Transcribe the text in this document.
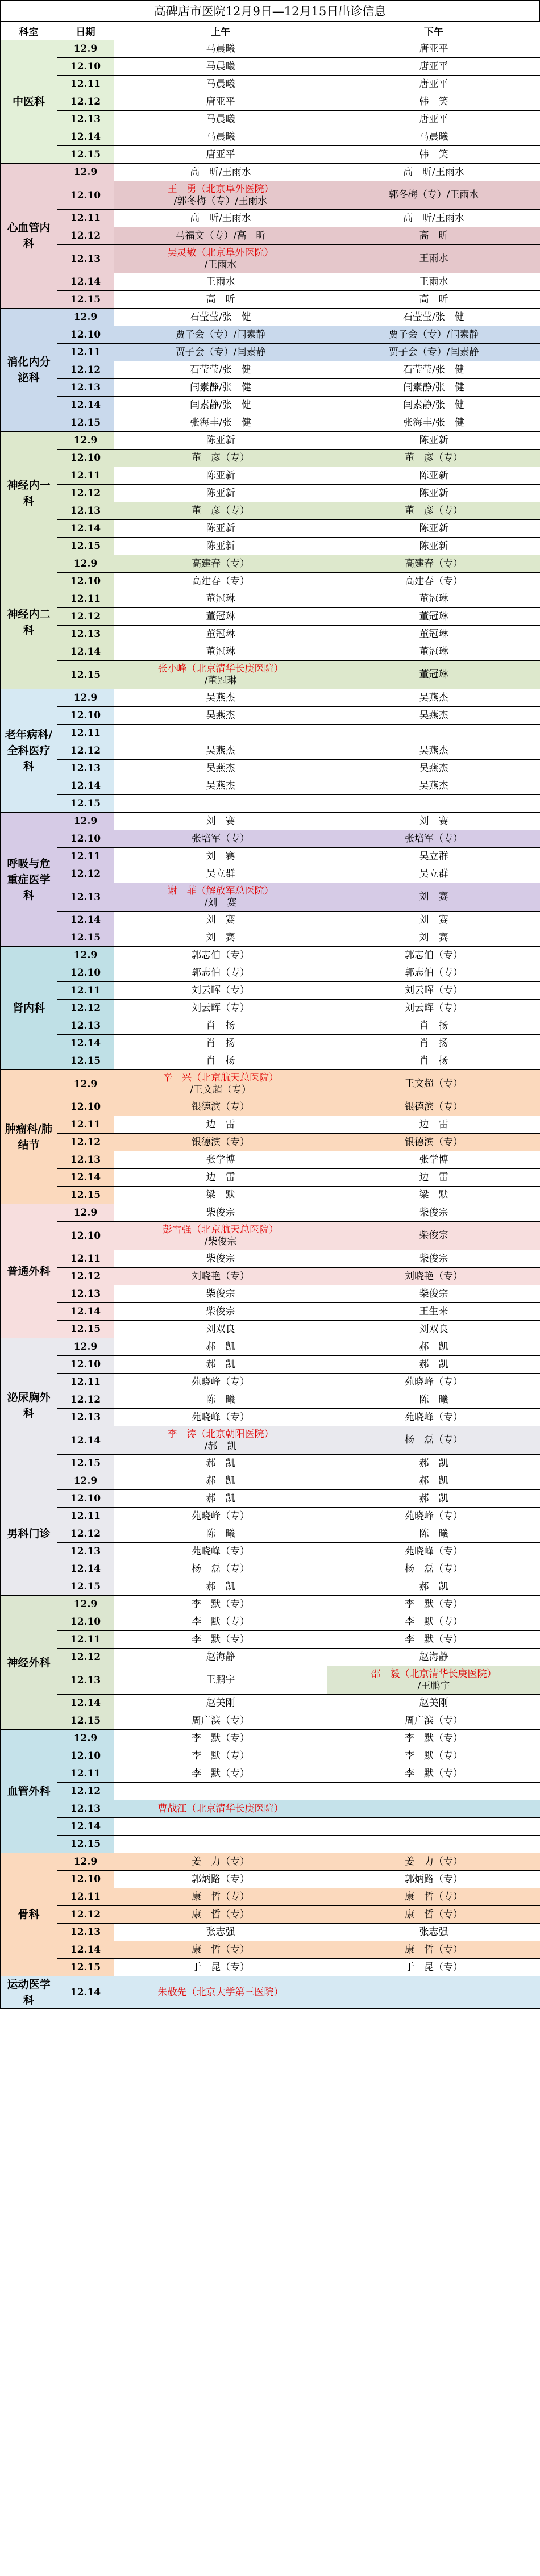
高碑店市医院12月9日—12月15日出诊信息
科室	日期	上午	下午
中医科	12.9	马晨曦	唐亚平

	12.10	马晨曦	唐亚平

	12.11	马晨曦	唐亚平

	12.12	唐亚平	韩　笑

	12.13	马晨曦	唐亚平

	12.14	马晨曦	马晨曦

	12.15	唐亚平	韩　笑

心血管内科	12.9	高　昕/王雨水	高　昕/王雨水

	12.10	王　勇（北京阜外医院）
/郭冬梅（专）/王雨水	郭冬梅（专）/王雨水

	12.11	高　昕/王雨水	高　昕/王雨水

	12.12	马福文（专）/高　昕	高　昕

	12.13	吴灵敏（北京阜外医院）
/王雨水	王雨水

	12.14	王雨水	王雨水

	12.15	高　昕	高　昕

消化内分泌科	12.9	石莹莹/张　健	石莹莹/张　健

	12.10	贾子会（专）/闫素静	贾子会（专）/闫素静

	12.11	贾子会（专）/闫素静	贾子会（专）/闫素静

	12.12	石莹莹/张　健	石莹莹/张　健

	12.13	闫素静/张　健	闫素静/张　健

	12.14	闫素静/张　健	闫素静/张　健

	12.15	张海丰/张　健	张海丰/张　健

神经内一科	12.9	陈亚新	陈亚新

	12.10	董　彦（专）	董　彦（专）

	12.11	陈亚新	陈亚新

	12.12	陈亚新	陈亚新

	12.13	董　彦（专）	董　彦（专）

	12.14	陈亚新	陈亚新

	12.15	陈亚新	陈亚新

神经内二科	12.9	高建春（专）	高建春（专）

	12.10	高建春（专）	高建春（专）

	12.11	董冠琳	董冠琳

	12.12	董冠琳	董冠琳

	12.13	董冠琳	董冠琳

	12.14	董冠琳	董冠琳

	12.15	张小峰（北京清华长庚医院）
/董冠琳	董冠琳

老年病科/全科医疗科	12.9	吴燕杰	吴燕杰

	12.10	吴燕杰	吴燕杰

	12.11	

	12.12	吴燕杰	吴燕杰

	12.13	吴燕杰	吴燕杰

	12.14	吴燕杰	吴燕杰

	12.15	

呼吸与危重症医学科	12.9	刘　赛	刘　赛

	12.10	张培军（专）	张培军（专）

	12.11	刘　赛	吴立群

	12.12	吴立群	吴立群

	12.13	谢　菲（解放军总医院）
/刘　赛	刘　赛

	12.14	刘　赛	刘　赛

	12.15	刘　赛	刘　赛

肾内科	12.9	郭志伯（专）	郭志伯（专）

	12.10	郭志伯（专）	郭志伯（专）

	12.11	刘云晖（专）	刘云晖（专）

	12.12	刘云晖（专）	刘云晖（专）

	12.13	肖　扬	肖　扬

	12.14	肖　扬	肖　扬

	12.15	肖　扬	肖　扬

肿瘤科/肺结节	12.9	辛　兴（北京航天总医院）
/王文超（专）	王文超（专）

	12.10	银德滨（专）	银德滨（专）

	12.11	边　雷	边　雷

	12.12	银德滨（专）	银德滨（专）

	12.13	张学博	张学博

	12.14	边　雷	边　雷

	12.15	梁　默	梁　默

普通外科	12.9	柴俊宗	柴俊宗

	12.10	彭雪强（北京航天总医院）
/柴俊宗	柴俊宗

	12.11	柴俊宗	柴俊宗

	12.12	刘晓艳（专）	刘晓艳（专）

	12.13	柴俊宗	柴俊宗

	12.14	柴俊宗	王生来

	12.15	刘双良	刘双良

泌尿胸外科	12.9	郝　凯	郝　凯

	12.10	郝　凯	郝　凯

	12.11	苑晓峰（专）	苑晓峰（专）

	12.12	陈　曦	陈　曦

	12.13	苑晓峰（专）	苑晓峰（专）

	12.14	李　涛（北京朝阳医院）
/郝　凯	杨　磊（专）

	12.15	郝　凯	郝　凯

男科门诊	12.9	郝　凯	郝　凯

	12.10	郝　凯	郝　凯

	12.11	苑晓峰（专）	苑晓峰（专）

	12.12	陈　曦	陈　曦

	12.13	苑晓峰（专）	苑晓峰（专）

	12.14	杨　磊（专）	杨　磊（专）

	12.15	郝　凯	郝　凯

神经外科	12.9	李　默（专）	李　默（专）

	12.10	李　默（专）	李　默（专）

	12.11	李　默（专）	李　默（专）

	12.12	赵海静	赵海静

	12.13	王鹏宇	邵　毅（北京清华长庚医院）
/王鹏宇

	12.14	赵美刚	赵美刚

	12.15	周广滨（专）	周广滨（专）

血管外科	12.9	李　默（专）	李　默（专）

	12.10	李　默（专）	李　默（专）

	12.11	李　默（专）	李　默（专）

	12.12	

	12.13	曹战江（北京清华长庚医院）	

	12.14	

	12.15	

骨科	12.9	姜　力（专）	姜　力（专）

	12.10	郭炳路（专）	郭炳路（专）

	12.11	康　哲（专）	康　哲（专）

	12.12	康　哲（专）	康　哲（专）

	12.13	张志强	张志强

	12.14	康　哲（专）	康　哲（专）

	12.15	于　昆（专）	于　昆（专）

运动医学科	12.14	朱敬先（北京大学第三医院）	
